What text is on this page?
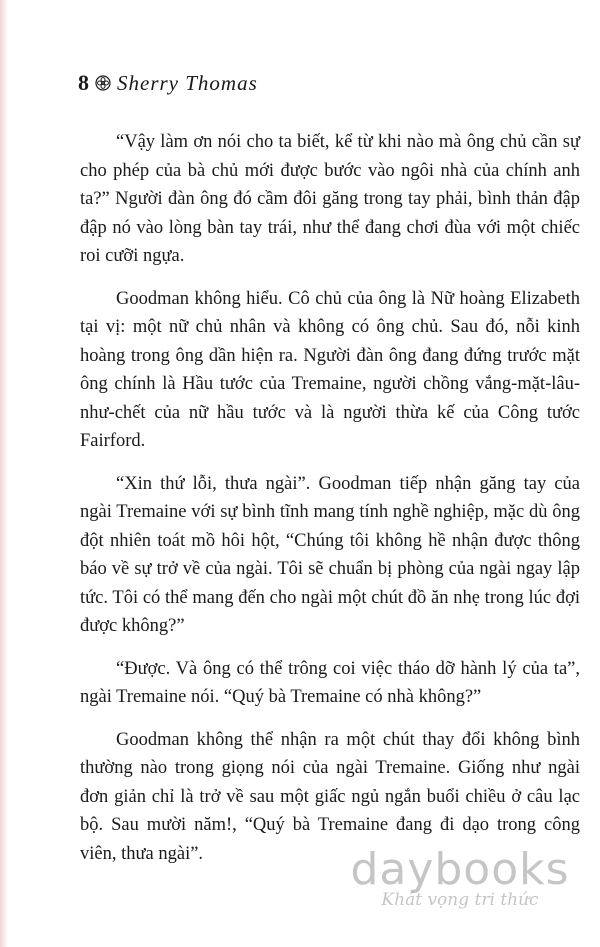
8 Sherry Thomas

“Vậy làm ơn nói cho ta biết, kể từ khi nào mà ông chủ cần sự cho phép của bà chủ mới được bước vào ngôi nhà của chính anh ta?” Người đàn ông đó cầm đôi găng trong tay phải, bình thản đập đập nó vào lòng bàn tay trái, như thể đang chơi đùa với một chiếc roi cưỡi ngựa.

Goodman không hiểu. Cô chủ của ông là Nữ hoàng Elizabeth tại vị: một nữ chủ nhân và không có ông chủ. Sau đó, nỗi kinh hoàng trong ông dần hiện ra. Người đàn ông đang đứng trước mặt ông chính là Hầu tước của Tremaine, người chồng vắng-mặt-lâu-như-chết của nữ hầu tước và là người thừa kế của Công tước Fairford.

“Xin thứ lỗi, thưa ngài”. Goodman tiếp nhận găng tay của ngài Tremaine với sự bình tĩnh mang tính nghề nghiệp, mặc dù ông đột nhiên toát mồ hôi hột, “Chúng tôi không hề nhận được thông báo về sự trở về của ngài. Tôi sẽ chuẩn bị phòng của ngài ngay lập tức. Tôi có thể mang đến cho ngài một chút đồ ăn nhẹ trong lúc đợi được không?”

“Được. Và ông có thể trông coi việc tháo dỡ hành lý của ta”, ngài Tremaine nói. “Quý bà Tremaine có nhà không?”

Goodman không thể nhận ra một chút thay đổi không bình thường nào trong giọng nói của ngài Tremaine. Giống như ngài đơn giản chỉ là trở về sau một giấc ngủ ngắn buổi chiều ở câu lạc bộ. Sau mười năm!, “Quý bà Tremaine đang đi dạo trong công viên, thưa ngài”.	daybooks
Khát vọng tri thức
